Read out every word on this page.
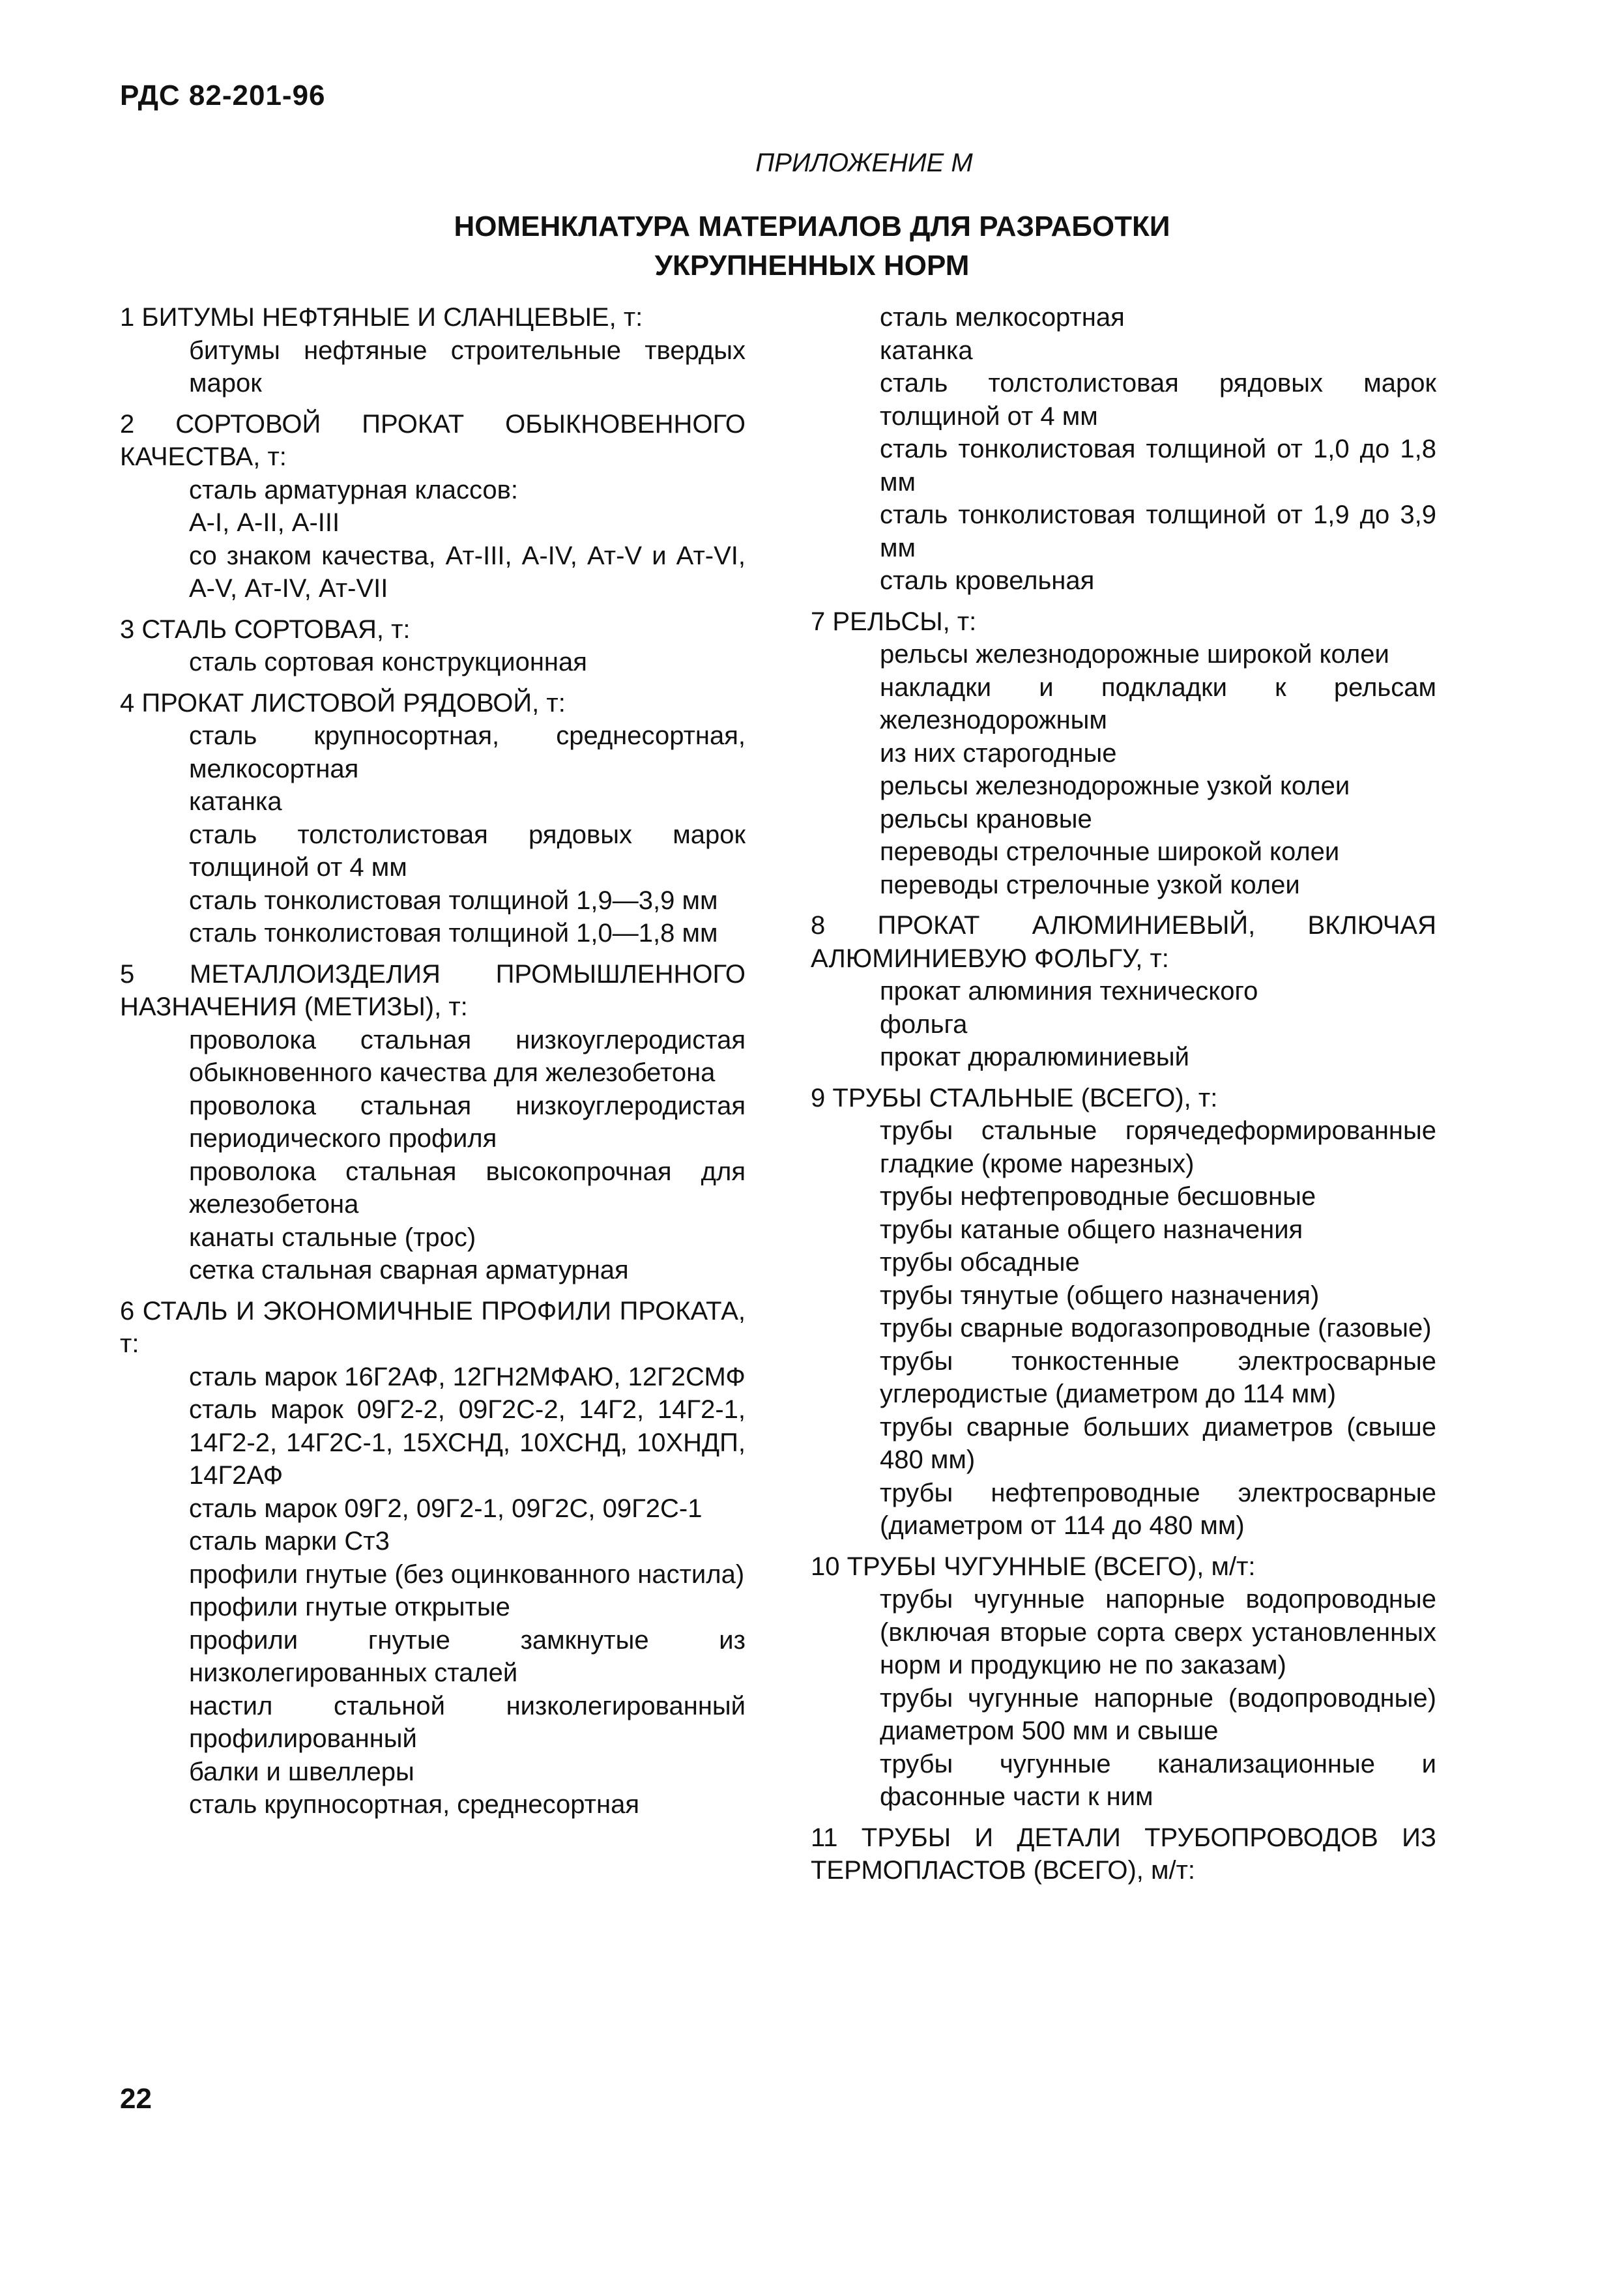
РДС 82-201-96
ПРИЛОЖЕНИЕ М
НОМЕНКЛАТУРА МАТЕРИАЛОВ ДЛЯ РАЗРАБОТКИ
УКРУПНЕННЫХ НОРМ
1 БИТУМЫ НЕФТЯНЫЕ И СЛАНЦЕВЫЕ, т:
битумы нефтяные строительные твердых марок
2 СОРТОВОЙ ПРОКАТ ОБЫКНОВЕННОГО КАЧЕСТВА, т:
сталь арматурная классов:
А-I, А-II, А-III
со знаком качества, Ат-III, А-IV, Ат-V и Ат-VI, А-V, Ат-IV, Ат-VII
3 СТАЛЬ СОРТОВАЯ, т:
сталь сортовая конструкционная
4 ПРОКАТ ЛИСТОВОЙ РЯДОВОЙ, т:
сталь крупносортная, среднесортная, мелкосортная
катанка
сталь толстолистовая рядовых марок толщиной от 4 мм
сталь тонколистовая толщиной 1,9—3,9 мм
сталь тонколистовая толщиной 1,0—1,8 мм
5 МЕТАЛЛОИЗДЕЛИЯ ПРОМЫШЛЕННОГО НАЗНАЧЕНИЯ (МЕТИЗЫ), т:
проволока стальная низкоуглеродистая обыкновенного качества для железобетона
проволока стальная низкоуглеродистая периодического профиля
проволока стальная высокопрочная для железобетона
канаты стальные (трос)
сетка стальная сварная арматурная
6 СТАЛЬ И ЭКОНОМИЧНЫЕ ПРОФИЛИ ПРОКАТА, т:
сталь марок 16Г2АФ, 12ГН2МФАЮ, 12Г2СМФ
сталь марок 09Г2-2, 09Г2С-2, 14Г2, 14Г2-1, 14Г2-2, 14Г2С-1, 15ХСНД, 10ХСНД, 10ХНДП, 14Г2АФ
сталь марок 09Г2, 09Г2-1, 09Г2С, 09Г2С-1
сталь марки Ст3
профили гнутые (без оцинкованного настила)
профили гнутые открытые
профили гнутые замкнутые из низколегированных сталей
настил стальной низколегированный профилированный
балки и швеллеры
сталь крупносортная, среднесортная
сталь мелкосортная
катанка
сталь толстолистовая рядовых марок толщиной от 4 мм
сталь тонколистовая толщиной от 1,0 до 1,8 мм
сталь тонколистовая толщиной от 1,9 до 3,9 мм
сталь кровельная
7 РЕЛЬСЫ, т:
рельсы железнодорожные широкой колеи
накладки и подкладки к рельсам железнодорожным
из них старогодные
рельсы железнодорожные узкой колеи
рельсы крановые
переводы стрелочные широкой колеи
переводы стрелочные узкой колеи
8 ПРОКАТ АЛЮМИНИЕВЫЙ, ВКЛЮЧАЯ АЛЮМИНИЕВУЮ ФОЛЬГУ, т:
прокат алюминия технического
фольга
прокат дюралюминиевый
9 ТРУБЫ СТАЛЬНЫЕ (ВСЕГО), т:
трубы стальные горячедеформированные гладкие (кроме нарезных)
трубы нефтепроводные бесшовные
трубы катаные общего назначения
трубы обсадные
трубы тянутые (общего назначения)
трубы сварные водогазопроводные (газовые)
трубы тонкостенные электросварные углеродистые (диаметром до 114 мм)
трубы сварные больших диаметров (свыше 480 мм)
трубы нефтепроводные электросварные (диаметром от 114 до 480 мм)
10 ТРУБЫ ЧУГУННЫЕ (ВСЕГО), м/т:
трубы чугунные напорные водопроводные (включая вторые сорта сверх установленных норм и продукцию не по заказам)
трубы чугунные напорные (водопроводные) диаметром 500 мм и свыше
трубы чугунные канализационные и фасонные части к ним
11 ТРУБЫ И ДЕТАЛИ ТРУБОПРОВОДОВ ИЗ ТЕРМОПЛАСТОВ (ВСЕГО), м/т:
22
